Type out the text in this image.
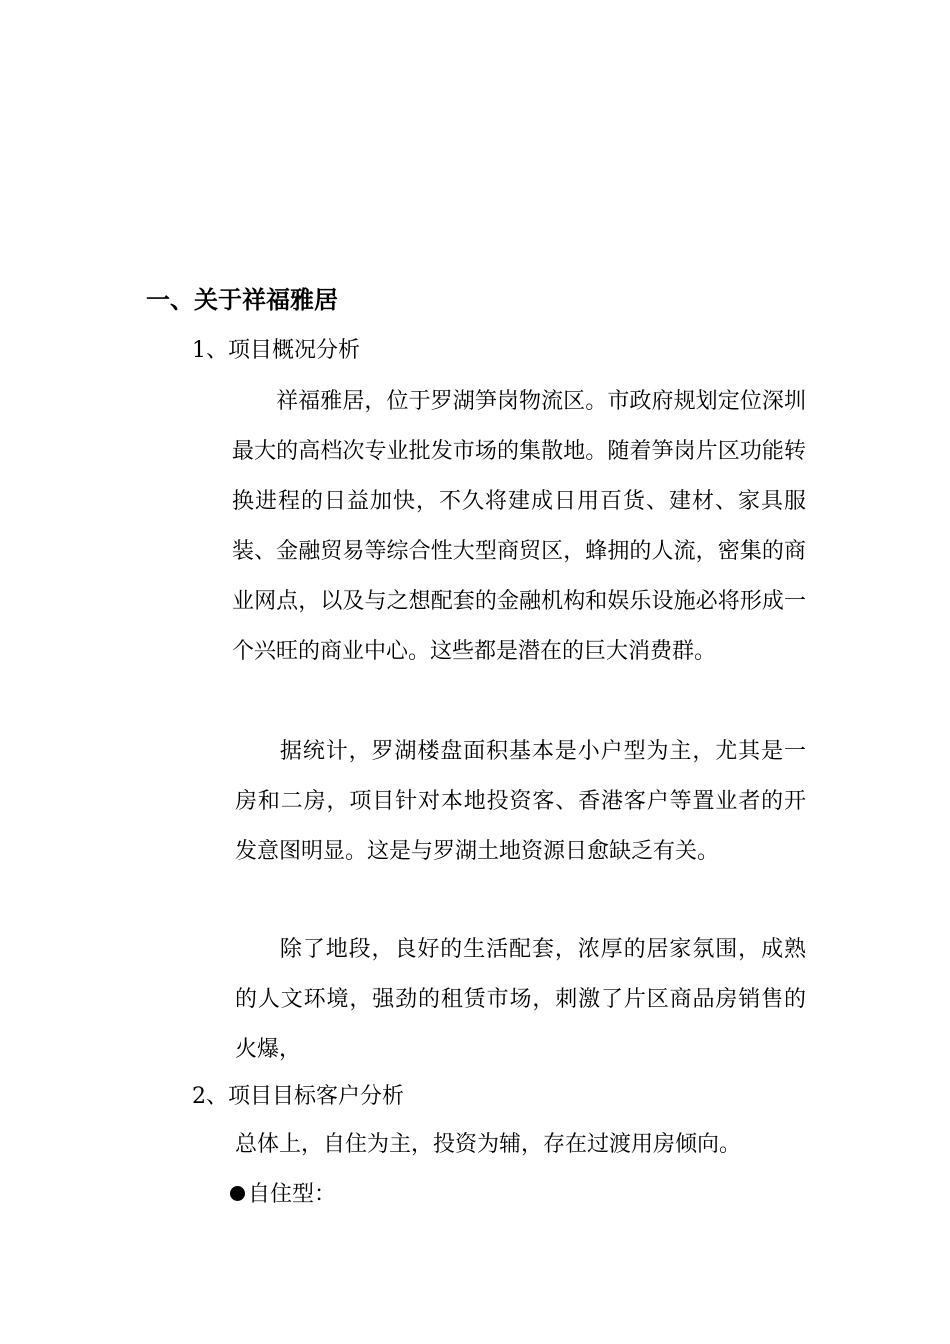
一、关于祥福雅居
1、项目概况分析
祥福雅居，位于罗湖笋岗物流区。市政府规划定位深圳最大的高档次专业批发市场的集散地。随着笋岗片区功能转换进程的日益加快，不久将建成日用百货、建材、家具服装、金融贸易等综合性大型商贸区，蜂拥的人流，密集的商业网点，以及与之想配套的金融机构和娱乐设施必将形成一个兴旺的商业中心。这些都是潜在的巨大消费群。
据统计，罗湖楼盘面积基本是小户型为主，尤其是一房和二房，项目针对本地投资客、香港客户等置业者的开发意图明显。这是与罗湖土地资源日愈缺乏有关。
除了地段，良好的生活配套，浓厚的居家氛围，成熟的人文环境，强劲的租赁市场，刺激了片区商品房销售的火爆，
2、项目目标客户分析
总体上，自住为主，投资为辅，存在过渡用房倾向。
自住型：
